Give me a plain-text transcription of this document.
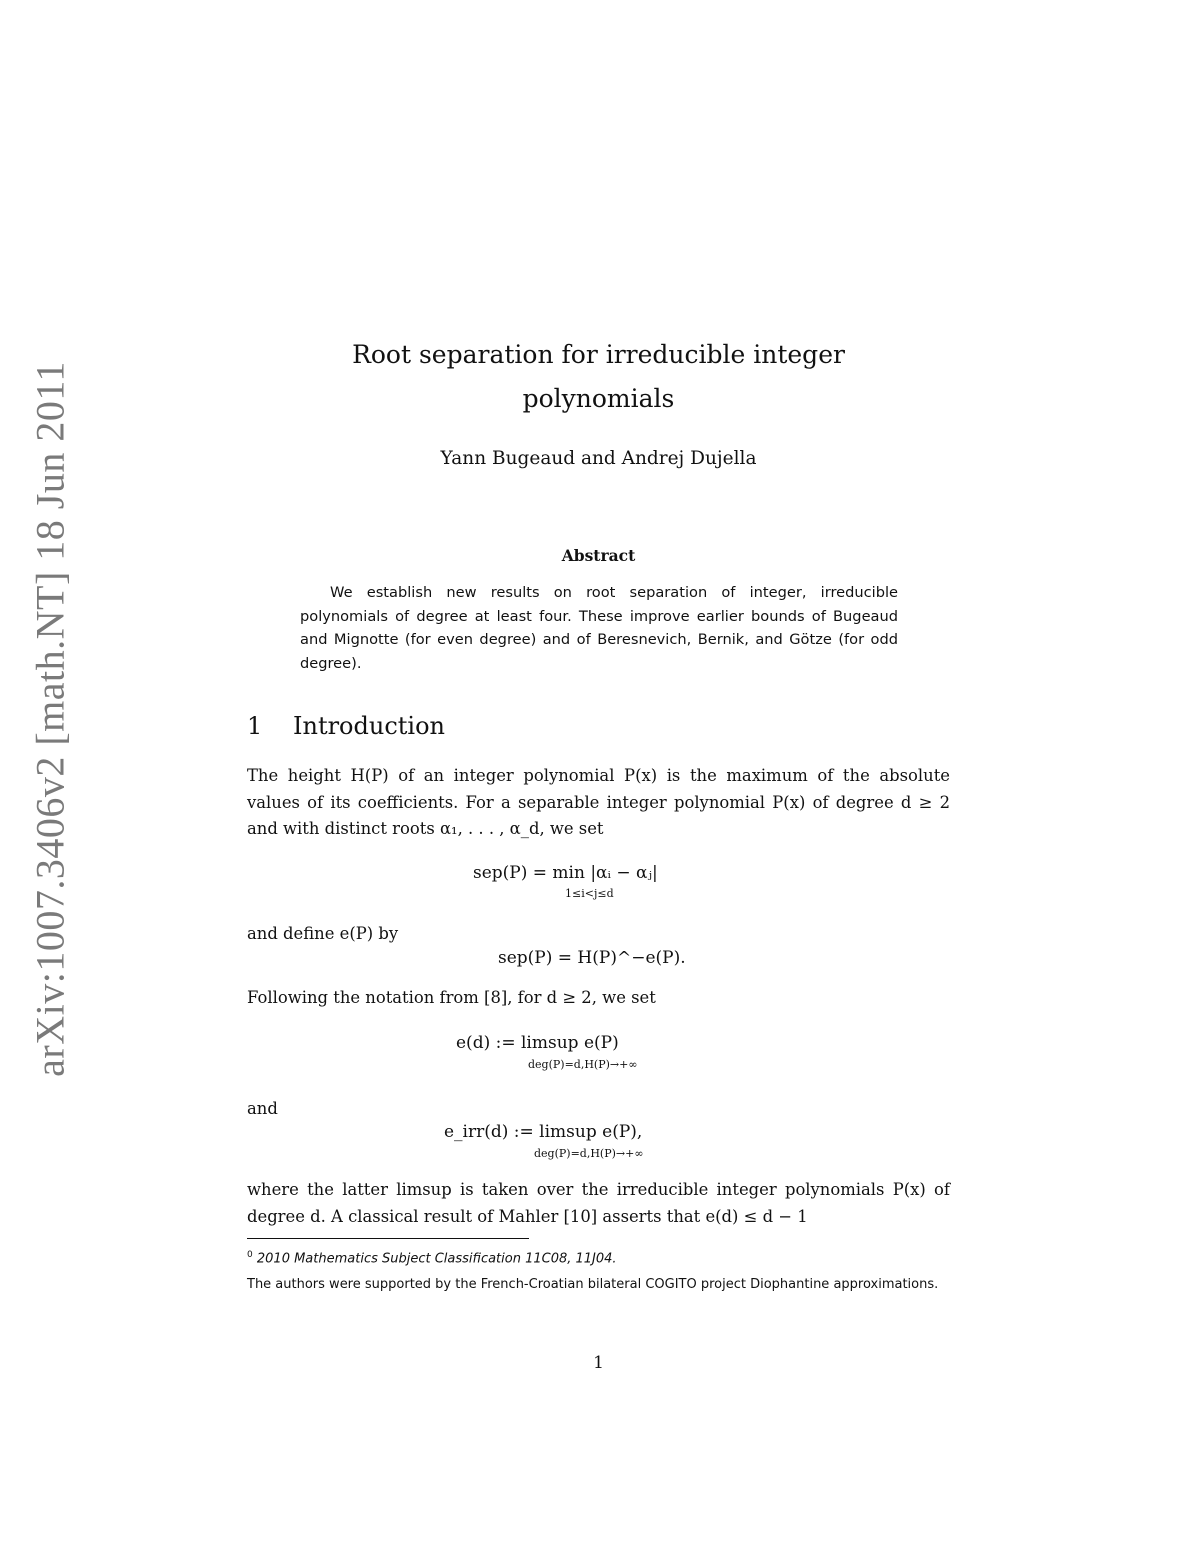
arXiv:1007.3406v2 [math.NT] 18 Jun 2011
Root separation for irreducible integer
polynomials
Yann Bugeaud and Andrej Dujella
Abstract
We establish new results on root separation of integer, irreducible polynomials of degree at least four. These improve earlier bounds of Bugeaud and Mignotte (for even degree) and of Beresnevich, Bernik, and Götze (for odd degree).
1 Introduction
The height H(P) of an integer polynomial P(x) is the maximum of the absolute values of its coefficients. For a separable integer polynomial P(x) of degree d ≥ 2 and with distinct roots α₁, . . . , α_d, we set
sep(P) = min |αᵢ − αⱼ|
1≤i<j≤d
and define e(P) by
sep(P) = H(P)^−e(P).
Following the notation from [8], for d ≥ 2, we set
e(d) := limsup e(P)
deg(P)=d,H(P)→+∞
and
e_irr(d) := limsup e(P),
deg(P)=d,H(P)→+∞
where the latter limsup is taken over the irreducible integer polynomials P(x) of degree d. A classical result of Mahler [10] asserts that e(d) ≤ d − 1
$^0$ 2010 Mathematics Subject Classification 11C08, 11J04.
The authors were supported by the French-Croatian bilateral COGITO project Diophantine approximations.
1
